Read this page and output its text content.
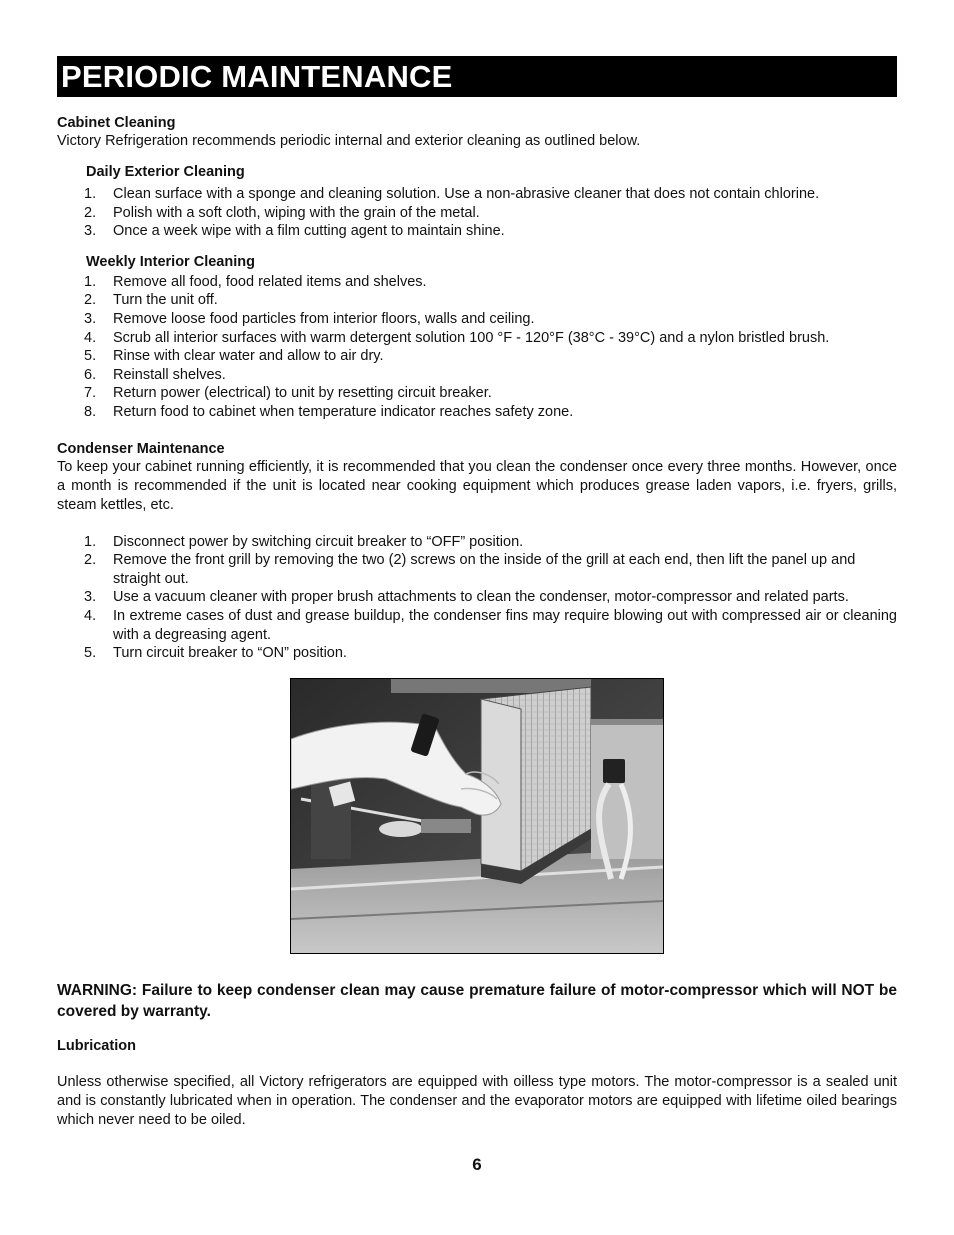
PERIODIC MAINTENANCE
Cabinet Cleaning
Victory Refrigeration recommends periodic internal and exterior cleaning as outlined below.
Daily Exterior Cleaning
1. Clean surface with a sponge and cleaning solution. Use a non-abrasive cleaner that does not contain chlorine.
2. Polish with a soft cloth, wiping with the grain of the metal.
3. Once a week wipe with a film cutting agent to maintain shine.
Weekly Interior Cleaning
1. Remove all food, food related items and shelves.
2. Turn the unit off.
3. Remove loose food particles from interior floors, walls and ceiling.
4. Scrub all interior surfaces with warm detergent solution 100 °F - 120°F (38°C - 39°C) and a nylon bristled brush.
5. Rinse with clear water and allow to air dry.
6. Reinstall shelves.
7. Return power (electrical) to unit by resetting circuit breaker.
8. Return food to cabinet when temperature indicator reaches safety zone.
Condenser Maintenance
To keep your cabinet running efficiently, it is recommended that you clean the condenser once every three months. However, once a month is recommended if the unit is located near cooking equipment which produces grease laden vapors, i.e. fryers, grills, steam kettles, etc.
1. Disconnect power by switching circuit breaker to “OFF” position.
2. Remove the front grill by removing the two (2) screws on the inside of the grill at each end, then lift the panel up and straight out.
3. Use a vacuum cleaner with proper brush attachments to clean the condenser, motor-compressor and related parts.
4. In extreme cases of dust and grease buildup, the condenser fins may require blowing out with compressed air or cleaning with a degreasing agent.
5. Turn circuit breaker to “ON” position.
WARNING: Failure to keep condenser clean may cause premature failure of motor-compressor which will NOT be covered by warranty.
Lubrication
Unless otherwise specified, all Victory refrigerators are equipped with oilless type motors. The motor-compressor is a sealed unit and is constantly lubricated when in operation. The condenser and the evaporator motors are equipped with lifetime oiled bearings which never need to be oiled.
6
